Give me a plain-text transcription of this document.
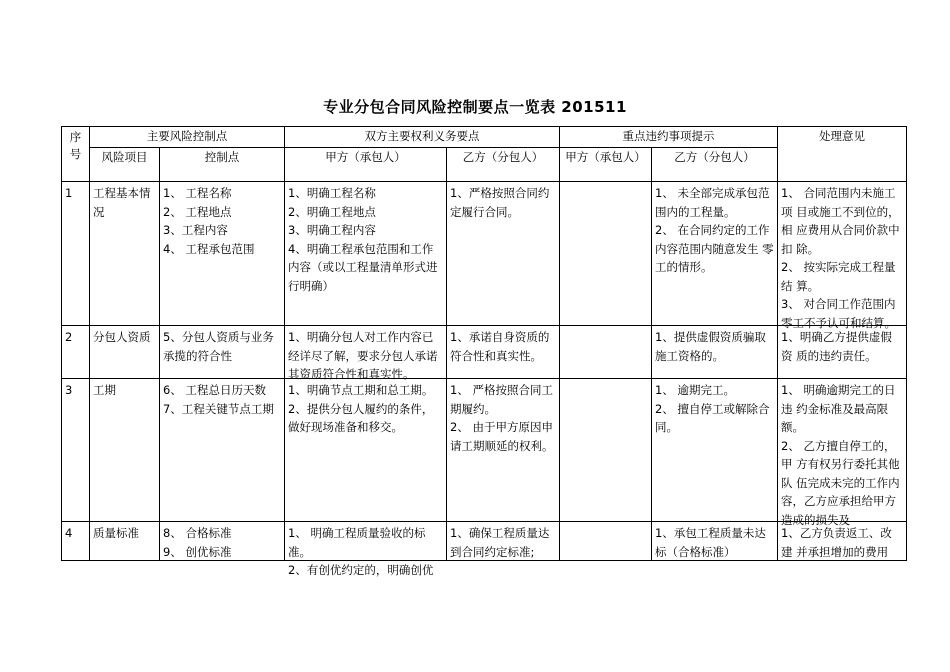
专业分包合同风险控制要点一览表 201511
序号	主要风险控制点		双方主要权利义务要点		重点违约事项提示		处理意见
	风险项目	控制点	甲方（承包人）	乙方（分包人）	甲方（承包人）	乙方（分包人）	

1	工程基本情况	1、 工程名称
2、 工程地点
3、工程内容
4、 工程承包范围	1、明确工程名称
2、明确工程地点
3、明确工程内容
4、明确工程承包范围和工作内容（或以工程量清单形式进 行明确）	1、严格按照合同约定履行合同。		1、 未全部完成承包范 围内的工程量。
2、 在合同约定的工作 内容范围内随意发生 零工的情形。	1、 合同范围内未施工项 目或施工不到位的，相 应费用从合同价款中扣 除。
2、 按实际完成工程量结 算。
3、 对合同工作范围内零工不予认可和结算。

2	分包人资质	5、分包人资质与业务承揽的符合性	1、明确分包人对工作内容已经详尽了解，要求分包人承诺 其资质符合性和真实性。	1、承诺自身资质的符合性和真实性。		1、提供虚假资质骗取施工资格的。	1、明确乙方提供虚假资 质的违约责任。

3	工期	6、 工程总日历天数
7、工程关键节点工期	1、明确节点工期和总工期。
2、提供分包人履约的条件，做好现场准备和移交。	1、 严格按照合同工 期履约。
2、 由于甲方原因申 请工期顺延的权利。		1、 逾期完工。
2、 擅自停工或解除合 同。	1、 明确逾期完工的日违 约金标准及最高限额。
2、 乙方擅自停工的，甲 方有权另行委托其他队 伍完成未完的工作内 容，乙方应承担给甲方 造成的损失及

4	质量标准	8、 合格标准
9、 创优标准	1、 明确工程质量验收的标准。
2、有创优约定的，明确创优	1、确保工程质量达到合同约定标准;		1、承包工程质量未达标（合格标准）	1、乙方负责返工、改建 并承担增加的费用
